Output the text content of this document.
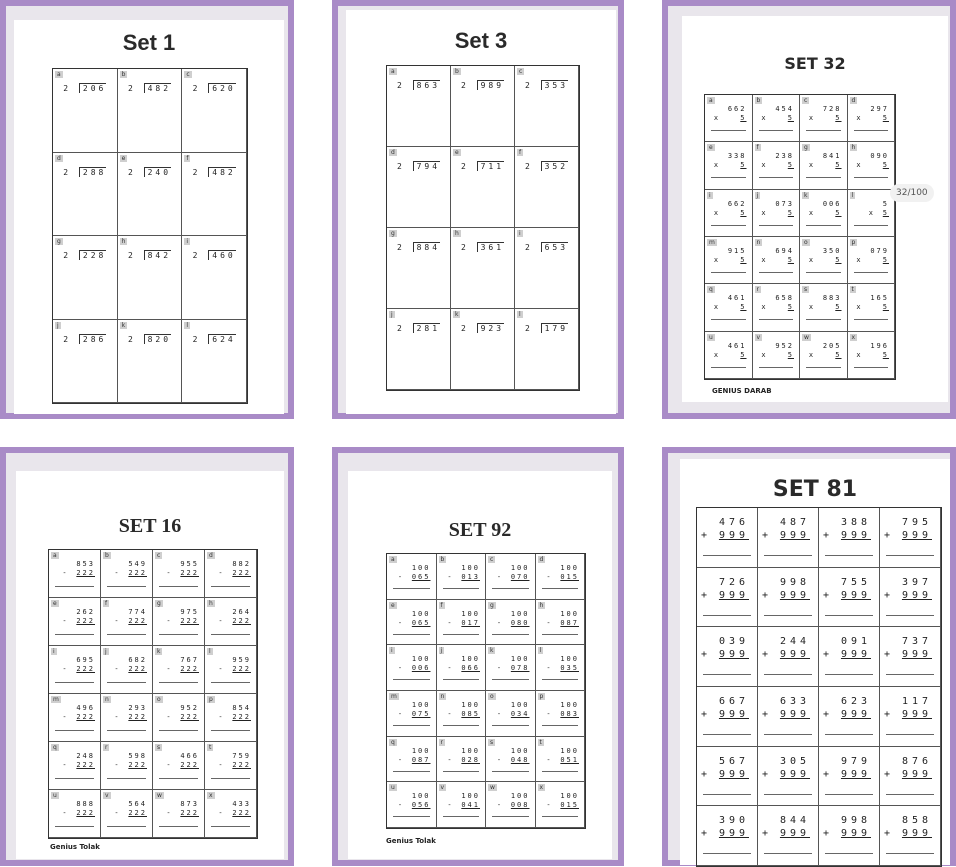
Set 1
a
2 206
b
2 482
c
2 620
d
2 288
e
2 240
f
2 482
g
2 228
h
2 842
i
2 460
j
2 286
k
2 820
l
2 624
Set 3
a
2 863
b
2 989
c
2 353
d
2 794
e
2 711
f
2 352
g
2 884
h
2 361
i
2 653
j
2 281
k
2 923
l
2 179
SET 32
a
662
x	5
b
454
x	5
c
728
x	5
d
297
x	5
e
338
x	5
f
238
x	5
g
841
x	5
h
090
x	5
i
662
x	5
j
073
x	5
k
006
x	5
l
5
x 5
m
915
x	5
n
694
x	5
o
350
x	5
p
079
x	5
q
461
x	5
r
658
x	5
s
883
x	5
t
165
x	5
u
461
x	5
v
952
x	5
w
205
x	5
x
196
x	5
GENIUS DARAB
32/100
SET 16
a
853
- 222
b
549
- 222
c
955
- 222
d
882
- 222
e
262
- 222
f
774
- 222
g
975
- 222
h
264
- 222
i
695
- 222
j
682
- 222
k
767
- 222
l
959
- 222
m
496
- 222
n
293
- 222
o
952
- 222
p
854
- 222
q
248
- 222
r
598
- 222
s
466
- 222
t
759
- 222
u
888
- 222
v
564
- 222
w
873
- 222
x
433
- 222
Genius Tolak
SET 92
a
100
- 065
b
100
- 013
c
100
- 070
d
100
- 015
e
100
- 065
f
100
- 017
g
100
- 080
h
100
- 087
i
100
- 006
j
100
- 066
k
100
- 078
l
100
- 035
m
100
- 075
n
100
- 085
o
100
- 034
p
100
- 083
q
100
- 087
r
100
- 028
s
100
- 048
t
100
- 051
u
100
- 056
v
100
- 041
w
100
- 008
x
100
- 015
Genius Tolak
SET 81
476
+ 999
487
+ 999
388
+ 999
795
+ 999
726
+ 999
998
+ 999
755
+ 999
397
+ 999
039
+ 999
244
+ 999
091
+ 999
737
+ 999
667
+ 999
633
+ 999
623
+ 999
117
+ 999
567
+ 999
305
+ 999
979
+ 999
876
+ 999
390
+ 999
844
+ 999
998
+ 999
858
+ 999
